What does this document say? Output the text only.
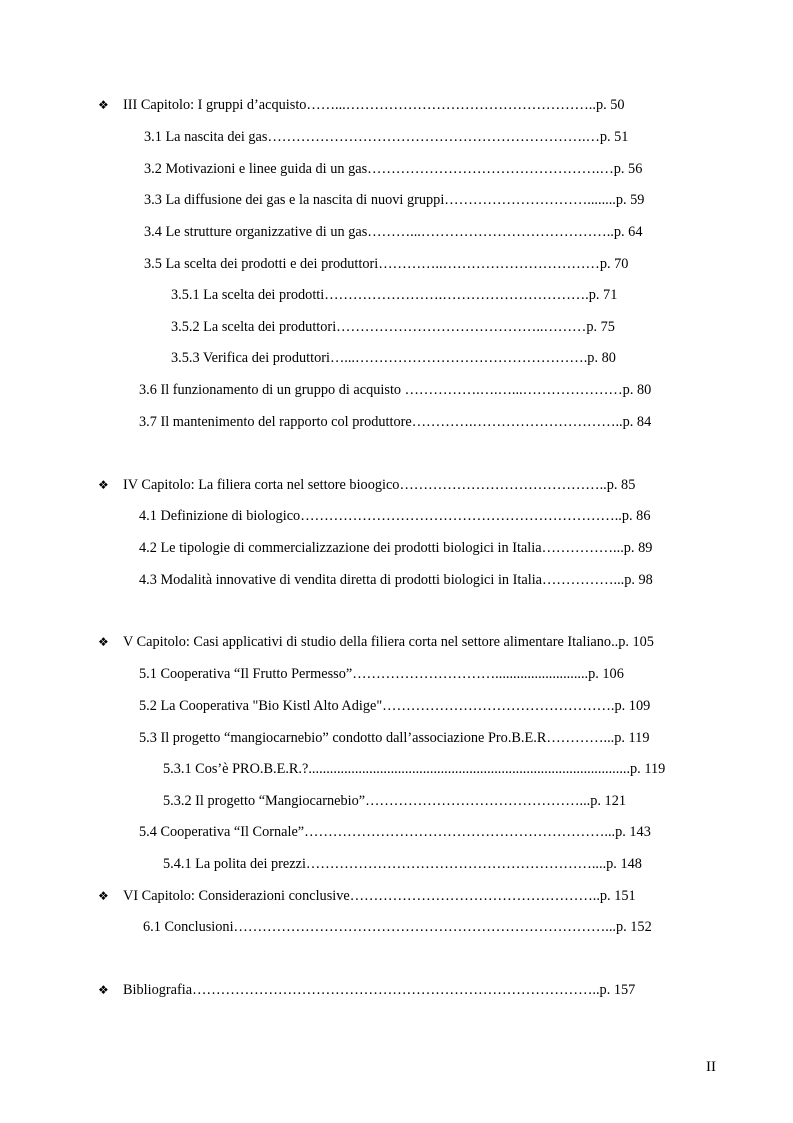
❖ III Capitolo: I gruppi d’acquisto……...……………………………………………..p. 50
3.1 La nascita dei gas………………………………………………………….…p. 51
3.2 Motivazioni e linee guida di un gas………………………………………….…p. 56
3.3 La diffusione dei gas e la nascita di nuovi gruppi…………………………........p. 59
3.4 Le strutture organizzative di un gas………...…………………………………..p. 64
3.5 La scelta dei prodotti e dei produttori…………..……………………………p. 70
3.5.1 La scelta dei prodotti…………………….………………………….p. 71
3.5.2 La scelta dei produttori……………………………………..………p. 75
3.5.3 Verifica dei produttori…...………………………………………….p. 80
3.6 Il funzionamento di un gruppo di acquisto …………….….…...…………………p. 80
3.7 Il mantenimento del rapporto col produttore………….…………………………..p. 84
❖ IV Capitolo: La filiera corta nel settore bioogico……………………………………..p. 85
4.1 Definizione di biologico…………………………………………………………..p. 86
4.2 Le tipologie di commercializzazione dei prodotti biologici in Italia……………...p. 89
4.3 Modalità innovative di vendita diretta di prodotti biologici in Italia……………...p. 98
❖ V Capitolo: Casi applicativi di studio della filiera corta nel settore alimentare Italiano..p. 105
5.1 Cooperativa “Il Frutto Permesso”…………………………..........................p. 106
5.2 La Cooperativa "Bio Kistl Alto Adige"………………………………………….p. 109
5.3 Il progetto “mangiocarnebio” condotto dall’associazione Pro.B.E.R…………...p. 119
5.3.1 Cos’è PRO.B.E.R.?..........................................................................................p. 119
5.3.2 Il progetto “Mangiocarnebio”………………………………………...p. 121
5.4 Cooperativa “Il Cornale”………………………………………………………...p. 143
5.4.1 La polita dei prezzi……………………………………………………....p. 148
❖ VI Capitolo: Considerazioni conclusive……………………………………………..p. 151
6.1 Conclusioni……………………………………………………………………...p. 152
❖ Bibliografia…………………………………………………………………………..p. 157
II
